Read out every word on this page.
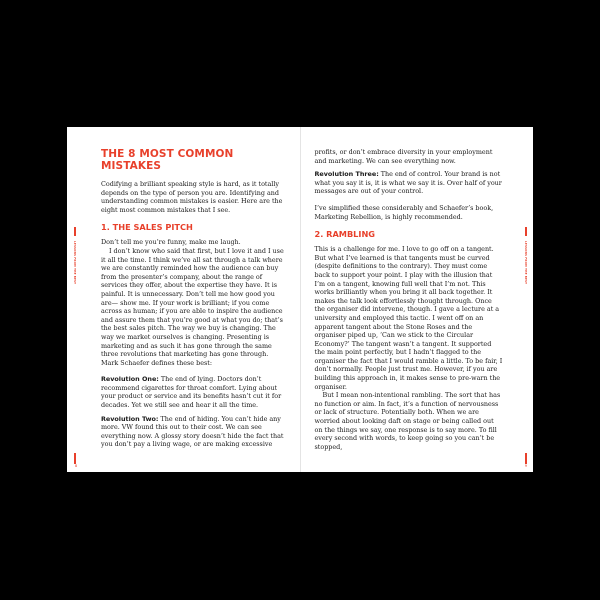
LESSONS FROM THE BEST
THE 8 MOST COMMON MISTAKES

Codifying a brilliant speaking style is hard, as it totally depends on the type of person you are. Identifying and understanding common mistakes is easier. Here are the eight most common mistakes that I see.

1. THE SALES PITCH

Don’t tell me you’re funny, make me laugh.

I don’t know who said that first, but I love it and I use it all the time. I think we’ve all sat through a talk where we are constantly reminded how the audience can buy from the presenter’s company, about the range of services they offer, about the expertise they have. It is painful. It is unnecessary. Don’t tell me how good you are— show me. If your work is brilliant; if you come across as human; if you are able to inspire the audience and assure them that you’re good at what you do; that’s the best sales pitch. The way we buy is changing. The way we market ourselves is changing. Presenting is marketing and as such it has gone through the same three revolutions that marketing has gone through. Mark Schaefer defines these best:

Revolution One: The end of lying. Doctors don’t recommend cigarettes for throat comfort. Lying about your product or service and its benefits hasn’t cut it for decades. Yet we still see and hear it all the time.

Revolution Two: The end of hiding. You can’t hide any more. VW found this out to their cost. We can see everything now. A glossy story doesn’t hide the fact that you don’t pay a living wage, or are making excessive

8
LESSONS FROM THE BEST

profits, or don’t embrace diversity in your employment and marketing. We can see everything now.

Revolution Three: The end of control. Your brand is not what you say it is, it is what we say it is. Over half of your messages are out of your control.

I’ve simplified these considerably and Schaefer’s book, Marketing Rebellion, is highly recommended.

2. RAMBLING

This is a challenge for me. I love to go off on a tangent. But what I’ve learned is that tangents must be curved (despite definitions to the contrary). They must come back to support your point. I play with the illusion that I’m on a tangent, knowing full well that I’m not. This works brilliantly when you bring it all back together. It makes the talk look effortlessly thought through. Once the organiser did intervene, though. I gave a lecture at a university and employed this tactic. I went off on an apparent tangent about the Stone Roses and the organiser piped up, ‘Can we stick to the Circular Economy?’ The tangent wasn’t a tangent. It supported the main point perfectly, but I hadn’t flagged to the organiser the fact that I would ramble a little. To be fair, I don’t normally. People just trust me. However, if you are building this approach in, it makes sense to pre-warn the organiser.

But I mean non-intentional rambling. The sort that has no function or aim. In fact, it’s a function of nervousness or lack of structure. Potentially both. When we are worried about looking daft on stage or being called out on the things we say, one response is to say more. To fill every second with words, to keep going so you can’t be stopped,

9
